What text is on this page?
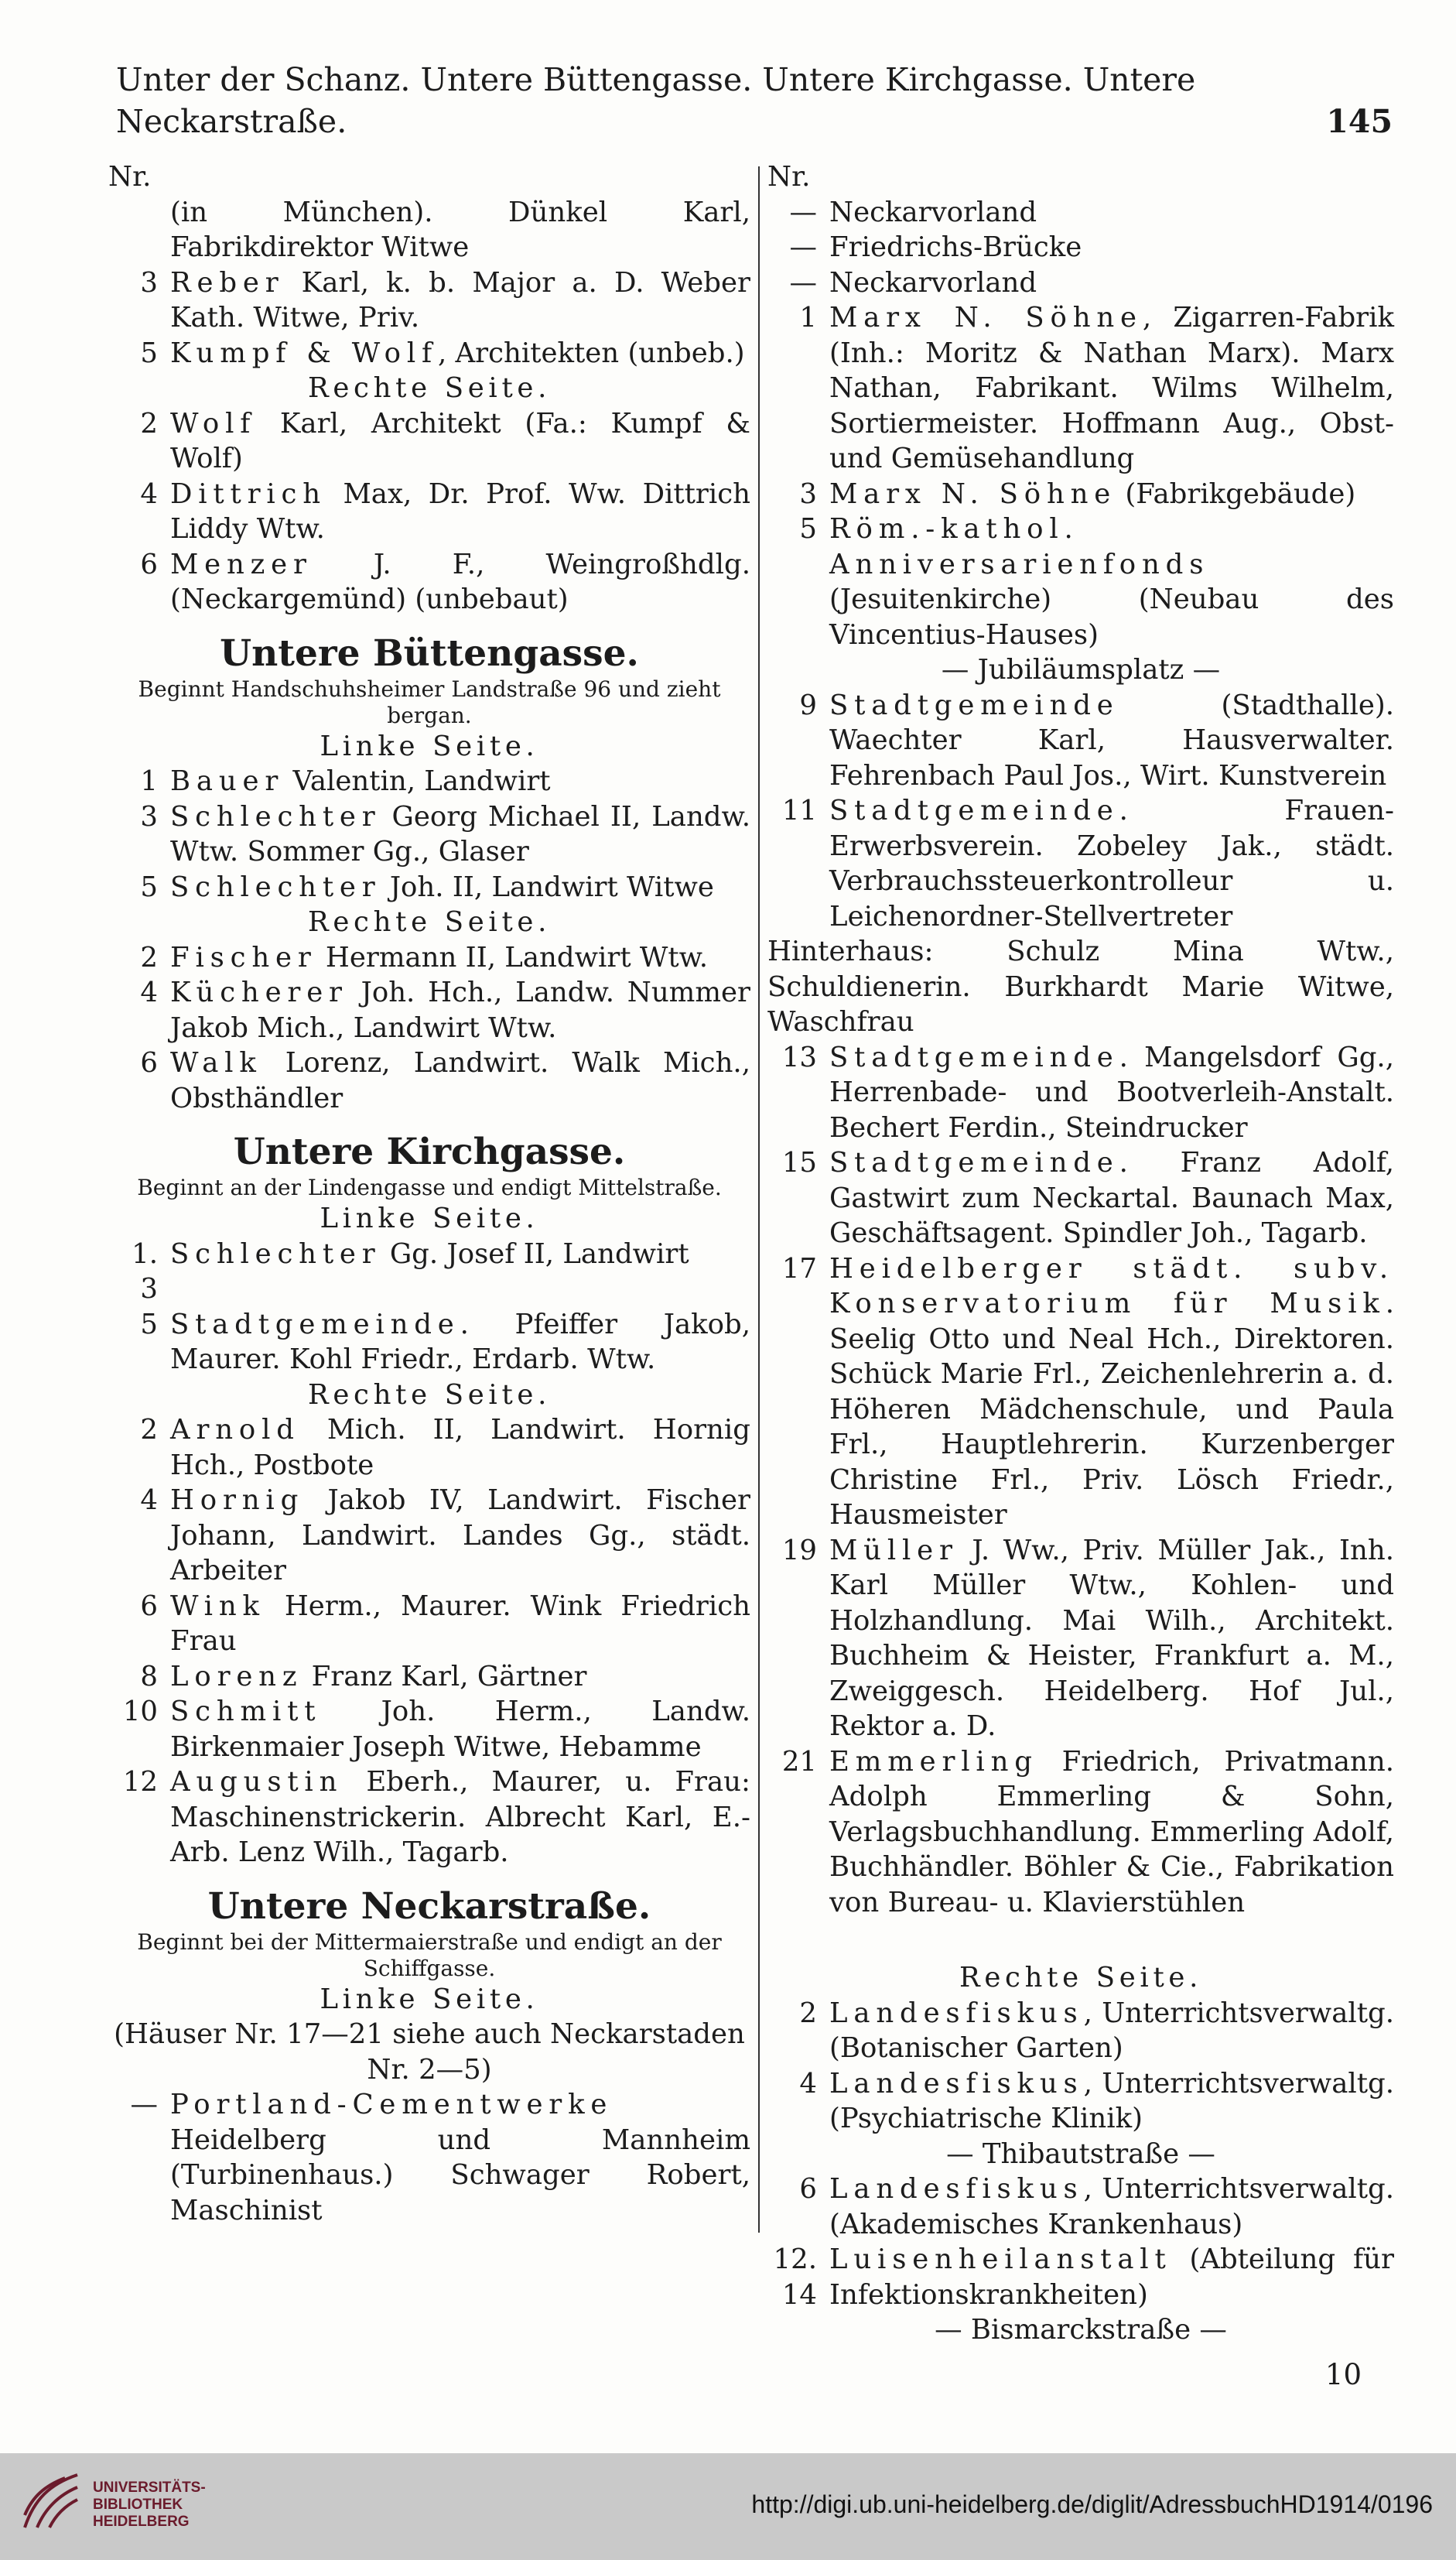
Unter der Schanz. Untere Büttengasse. Untere Kirchgasse. Untere Neckarstraße.	145
Nr.
(in München). Dünkel Karl, Fabrikdirektor Witwe
3 Reber Karl, k. b. Major a. D. Weber Kath. Witwe, Priv.
5 Kumpf & Wolf, Architekten (unbeb.)
Rechte Seite.
2 Wolf Karl, Architekt (Fa.: Kumpf & Wolf)
4 Dittrich Max, Dr. Prof. Ww. Dittrich Liddy Wtw.
6 Menzer J. F., Weingroßhdlg. (Neckargemünd) (unbebaut)
Untere Büttengasse.
Beginnt Handschuhsheimer Landstraße 96 und zieht bergan.
Linke Seite.
1 Bauer Valentin, Landwirt
3 Schlechter Georg Michael II, Landw. Wtw. Sommer Gg., Glaser
5 Schlechter Joh. II, Landwirt Witwe
Rechte Seite.
2 Fischer Hermann II, Landwirt Wtw.
4 Kücherer Joh. Hch., Landw. Nummer Jakob Mich., Landwirt Wtw.
6 Walk Lorenz, Landwirt. Walk Mich., Obsthändler
Untere Kirchgasse.
Beginnt an der Lindengasse und endigt Mittelstraße.
Linke Seite.
1. 3
Schlechter Gg. Josef II, Landwirt
5 Stadtgemeinde. Pfeiffer Jakob, Maurer. Kohl Friedr., Erdarb. Wtw.
Rechte Seite.
2 Arnold Mich. II, Landwirt. Hornig Hch., Postbote
4 Hornig Jakob IV, Landwirt. Fischer Johann, Landwirt. Landes Gg., städt. Arbeiter
6 Wink Herm., Maurer. Wink Friedrich Frau
8 Lorenz Franz Karl, Gärtner
10 Schmitt Joh. Herm., Landw. Birkenmaier Joseph Witwe, Hebamme
12 Augustin Eberh., Maurer, u. Frau: Maschinenstrickerin. Albrecht Karl, E.-Arb. Lenz Wilh., Tagarb.
Untere Neckarstraße.
Beginnt bei der Mittermaierstraße und endigt an der Schiffgasse.
Linke Seite.
(Häuser Nr. 17—21 siehe auch Neckarstaden Nr. 2—5)
— Portland-Cementwerke Heidelberg und Mannheim (Turbinenhaus.) Schwager Robert, Maschinist
Nr.
— Neckarvorland
— Friedrichs-Brücke
— Neckarvorland
1 Marx N. Söhne, Zigarren-Fabrik (Inh.: Moritz & Nathan Marx). Marx Nathan, Fabrikant. Wilms Wilhelm, Sortiermeister. Hoffmann Aug., Obst- und Gemüsehandlung
3 Marx N. Söhne (Fabrikgebäude)
5 Röm.-kathol. Anniversarienfonds (Jesuitenkirche) (Neubau des Vincentius-Hauses)
— Jubiläumsplatz —
9 Stadtgemeinde (Stadthalle). Waechter Karl, Hausverwalter. Fehrenbach Paul Jos., Wirt. Kunstverein
11 Stadtgemeinde. Frauen-Erwerbsverein. Zobeley Jak., städt. Verbrauchssteuerkontrolleur u. Leichenordner-Stellvertreter
Hinterhaus: Schulz Mina Wtw., Schuldienerin. Burkhardt Marie Witwe, Waschfrau
13 Stadtgemeinde. Mangelsdorf Gg., Herrenbade- und Bootverleih-Anstalt. Bechert Ferdin., Steindrucker
15 Stadtgemeinde. Franz Adolf, Gastwirt zum Neckartal. Baunach Max, Geschäftsagent. Spindler Joh., Tagarb.
17 Heidelberger städt. subv. Konservatorium für Musik. Seelig Otto und Neal Hch., Direktoren. Schück Marie Frl., Zeichenlehrerin a. d. Höheren Mädchenschule, und Paula Frl., Hauptlehrerin. Kurzenberger Christine Frl., Priv. Lösch Friedr., Hausmeister
19 Müller J. Ww., Priv. Müller Jak., Inh. Karl Müller Wtw., Kohlen- und Holzhandlung. Mai Wilh., Architekt. Buchheim & Heister, Frankfurt a. M., Zweiggesch. Heidelberg. Hof Jul., Rektor a. D.
21 Emmerling Friedrich, Privatmann. Adolph Emmerling & Sohn, Verlagsbuchhandlung. Emmerling Adolf, Buchhändler. Böhler & Cie., Fabrikation von Bureau- u. Klavierstühlen
Rechte Seite.
2 Landesfiskus, Unterrichtsverwaltg. (Botanischer Garten)
4 Landesfiskus, Unterrichtsverwaltg. (Psychiatrische Klinik)
— Thibautstraße —
6 Landesfiskus, Unterrichtsverwaltg. (Akademisches Krankenhaus)
12. 14
Luisenheilanstalt (Abteilung für Infektionskrankheiten)
— Bismarckstraße —
10
UNIVERSITÄTS-
BIBLIOTHEK
HEIDELBERG
http://digi.ub.uni-heidelberg.de/diglit/AdressbuchHD1914/0196
